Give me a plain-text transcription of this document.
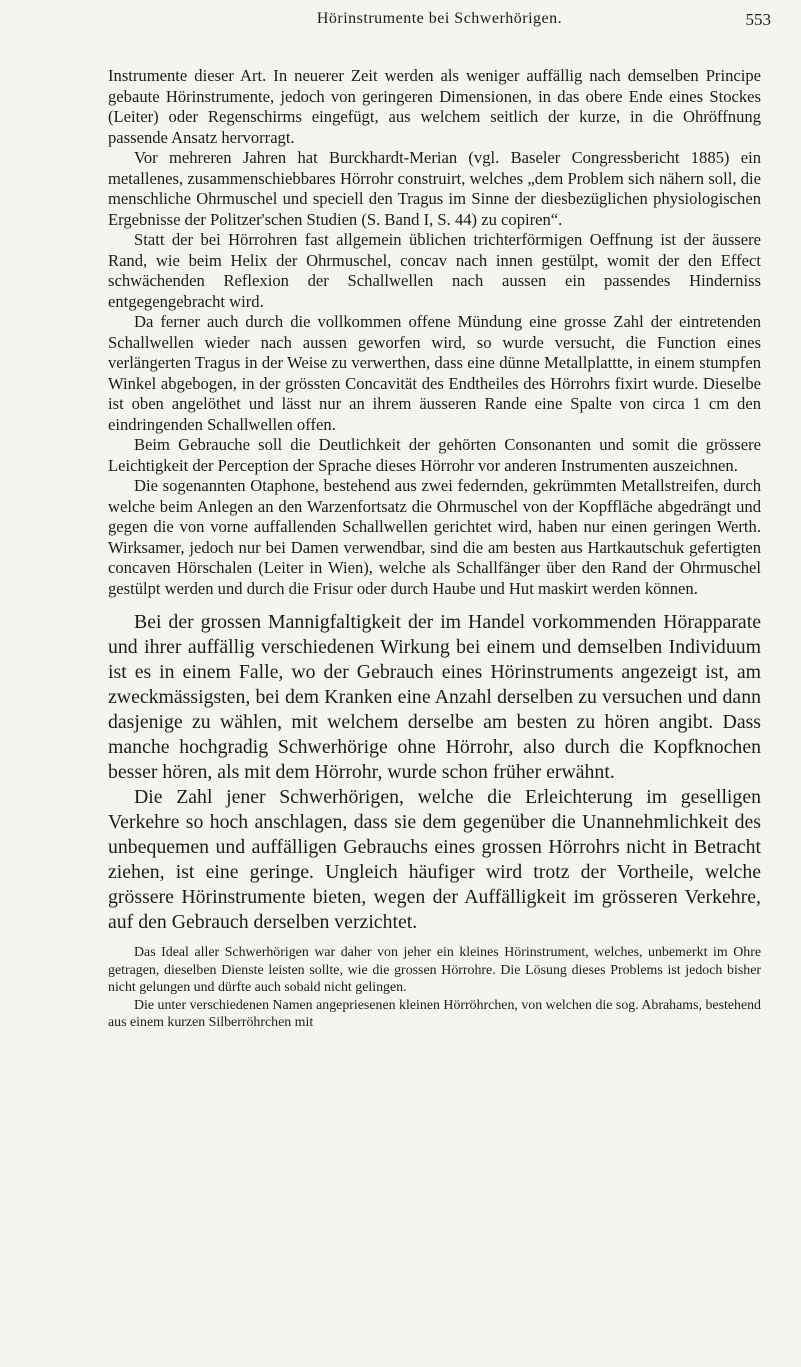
Hörinstrumente bei Schwerhörigen.	553

Instrumente dieser Art. In neuerer Zeit werden als weniger auffällig nach demselben Principe gebaute Hörinstrumente, jedoch von geringeren Dimensionen, in das obere Ende eines Stockes (Leiter) oder Regenschirms eingefügt, aus welchem seitlich der kurze, in die Ohröffnung passende Ansatz hervorragt.

Vor mehreren Jahren hat Burckhardt-Merian (vgl. Baseler Congressbericht 1885) ein metallenes, zusammenschiebbares Hörrohr construirt, welches „dem Problem sich nähern soll, die menschliche Ohrmuschel und speciell den Tragus im Sinne der diesbezüglichen physiologischen Ergebnisse der Politzer'schen Studien (S. Band I, S. 44) zu copiren“.

Statt der bei Hörrohren fast allgemein üblichen trichterförmigen Oeffnung ist der äussere Rand, wie beim Helix der Ohrmuschel, concav nach innen gestülpt, womit der den Effect schwächenden Reflexion der Schallwellen nach aussen ein passendes Hinderniss entgegengebracht wird.

Da ferner auch durch die vollkommen offene Mündung eine grosse Zahl der eintretenden Schallwellen wieder nach aussen geworfen wird, so wurde versucht, die Function eines verlängerten Tragus in der Weise zu verwerthen, dass eine dünne Metallplattte, in einem stumpfen Winkel abgebogen, in der grössten Concavität des Endtheiles des Hörrohrs fixirt wurde. Dieselbe ist oben angelöthet und lässt nur an ihrem äusseren Rande eine Spalte von circa 1 cm den eindringenden Schallwellen offen.

Beim Gebrauche soll die Deutlichkeit der gehörten Consonanten und somit die grössere Leichtigkeit der Perception der Sprache dieses Hörrohr vor anderen Instrumenten auszeichnen.

Die sogenannten Otaphone, bestehend aus zwei federnden, gekrümmten Metallstreifen, durch welche beim Anlegen an den Warzenfortsatz die Ohrmuschel von der Kopffläche abgedrängt und gegen die von vorne auffallenden Schallwellen gerichtet wird, haben nur einen geringen Werth. Wirksamer, jedoch nur bei Damen verwendbar, sind die am besten aus Hartkautschuk gefertigten concaven Hörschalen (Leiter in Wien), welche als Schallfänger über den Rand der Ohrmuschel gestülpt werden und durch die Frisur oder durch Haube und Hut maskirt werden können.

Bei der grossen Mannigfaltigkeit der im Handel vorkommenden Hörapparate und ihrer auffällig verschiedenen Wirkung bei einem und demselben Individuum ist es in einem Falle, wo der Gebrauch eines Hörinstruments angezeigt ist, am zweckmässigsten, bei dem Kranken eine Anzahl derselben zu versuchen und dann dasjenige zu wählen, mit welchem derselbe am besten zu hören angibt. Dass manche hochgradig Schwerhörige ohne Hörrohr, also durch die Kopfknochen besser hören, als mit dem Hörrohr, wurde schon früher erwähnt.

Die Zahl jener Schwerhörigen, welche die Erleichterung im geselligen Verkehre so hoch anschlagen, dass sie dem gegenüber die Unannehmlichkeit des unbequemen und auffälligen Gebrauchs eines grossen Hörrohrs nicht in Betracht ziehen, ist eine geringe. Ungleich häufiger wird trotz der Vortheile, welche grössere Hörinstrumente bieten, wegen der Auffälligkeit im grösseren Verkehre, auf den Gebrauch derselben verzichtet.

Das Ideal aller Schwerhörigen war daher von jeher ein kleines Hörinstrument, welches, unbemerkt im Ohre getragen, dieselben Dienste leisten sollte, wie die grossen Hörrohre. Die Lösung dieses Problems ist jedoch bisher nicht gelungen und dürfte auch sobald nicht gelingen.

Die unter verschiedenen Namen angepriesenen kleinen Hörröhrchen, von welchen die sog. Abrahams, bestehend aus einem kurzen Silberröhrchen mit
